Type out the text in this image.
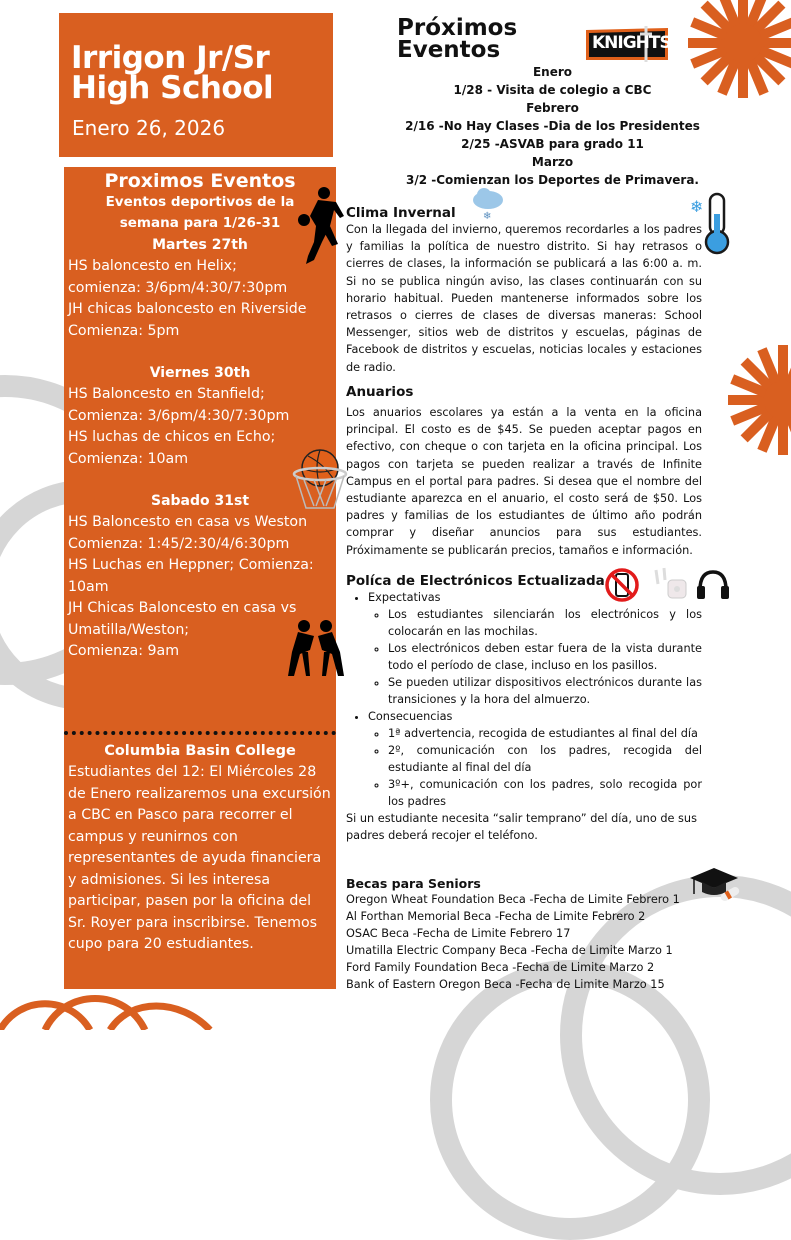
Irrigon Jr/Sr
High School
Enero 26, 2026
Proximos Eventos
Eventos deportivos de la
semana para 1/26-31
Martes 27th
HS baloncesto en Helix;
comienza: 3/6pm/4:30/7:30pm
JH chicas baloncesto en Riverside
Comienza: 5pm
Viernes 30th
HS Baloncesto en Stanfield;
Comienza: 3/6pm/4:30/7:30pm
HS luchas de chicos en Echo;
Comienza: 10am
Sabado 31st
HS Baloncesto en casa vs Weston
Comienza: 1:45/2:30/4/6:30pm
HS Luchas en Heppner; Comienza:
10am
JH Chicas Baloncesto en casa vs
Umatilla/Weston;
Comienza: 9am
Columbia Basin College
Estudiantes del 12: El Miércoles 28 de Enero realizaremos una excursión a CBC en Pasco para recorrer el campus y reunirnos con representantes de ayuda financiera y admisiones. Si les interesa participar, pasen por la oficina del Sr. Royer para inscribirse. Tenemos cupo para 20 estudiantes.
Próximos
Eventos	KNIGHTS
Enero
1/28 - Visita de colegio a CBC
Febrero
2/16 -No Hay Clases -Dia de los Presidentes
2/25 -ASVAB para grado 11
Marzo
3/2 -Comienzan los Deportes de Primavera.
❄
❄
Clima Invernal
Con la llegada del invierno, queremos recordarles a los padres y familias la política de nuestro distrito. Si hay retrasos o cierres de clases, la información se publicará a las 6:00 a. m. Si no se publica ningún aviso, las clases continuarán con su horario habitual. Pueden mantenerse informados sobre los retrasos o cierres de clases de diversas maneras: School Messenger, sitios web de distritos y escuelas, páginas de Facebook de distritos y escuelas, noticias locales y estaciones de radio.
Anuarios
Los anuarios escolares ya están a la venta en la oficina principal. El costo es de $45. Se pueden aceptar pagos en efectivo, con cheque o con tarjeta en la oficina principal. Los pagos con tarjeta se pueden realizar a través de Infinite Campus en el portal para padres. Si desea que el nombre del estudiante aparezca en el anuario, el costo será de $50. Los padres y familias de los estudiantes de último año podrán comprar y diseñar anuncios para sus estudiantes. Próximamente se publicarán precios, tamaños e información.
Políca de Electrónicos Ectualizada
• Expectativas
◦ Los estudiantes silenciarán los electrónicos y los colocarán en las mochilas.
◦ Los electrónicos deben estar fuera de la vista durante todo el período de clase, incluso en los pasillos.
◦ Se pueden utilizar dispositivos electrónicos durante las transiciones y la hora del almuerzo.
• Consecuencias
◦ 1ª advertencia, recogida de estudiantes al final del día
◦ 2º, comunicación con los padres, recogida del estudiante al final del día
◦ 3º+, comunicación con los padres, solo recogida por los padres
Si un estudiante necesita “salir temprano” del día, uno de sus padres deberá recojer el teléfono.
Becas para Seniors
Oregon Wheat Foundation Beca -Fecha de Limite Febrero 1
Al Forthan Memorial Beca -Fecha de Limite Febrero 2
OSAC Beca -Fecha de Limite Febrero 17
Umatilla Electric Company Beca -Fecha de Limite Marzo 1
Ford Family Foundation Beca -Fecha de Limite Marzo 2
Bank of Eastern Oregon Beca -Fecha de Limite Marzo 15
